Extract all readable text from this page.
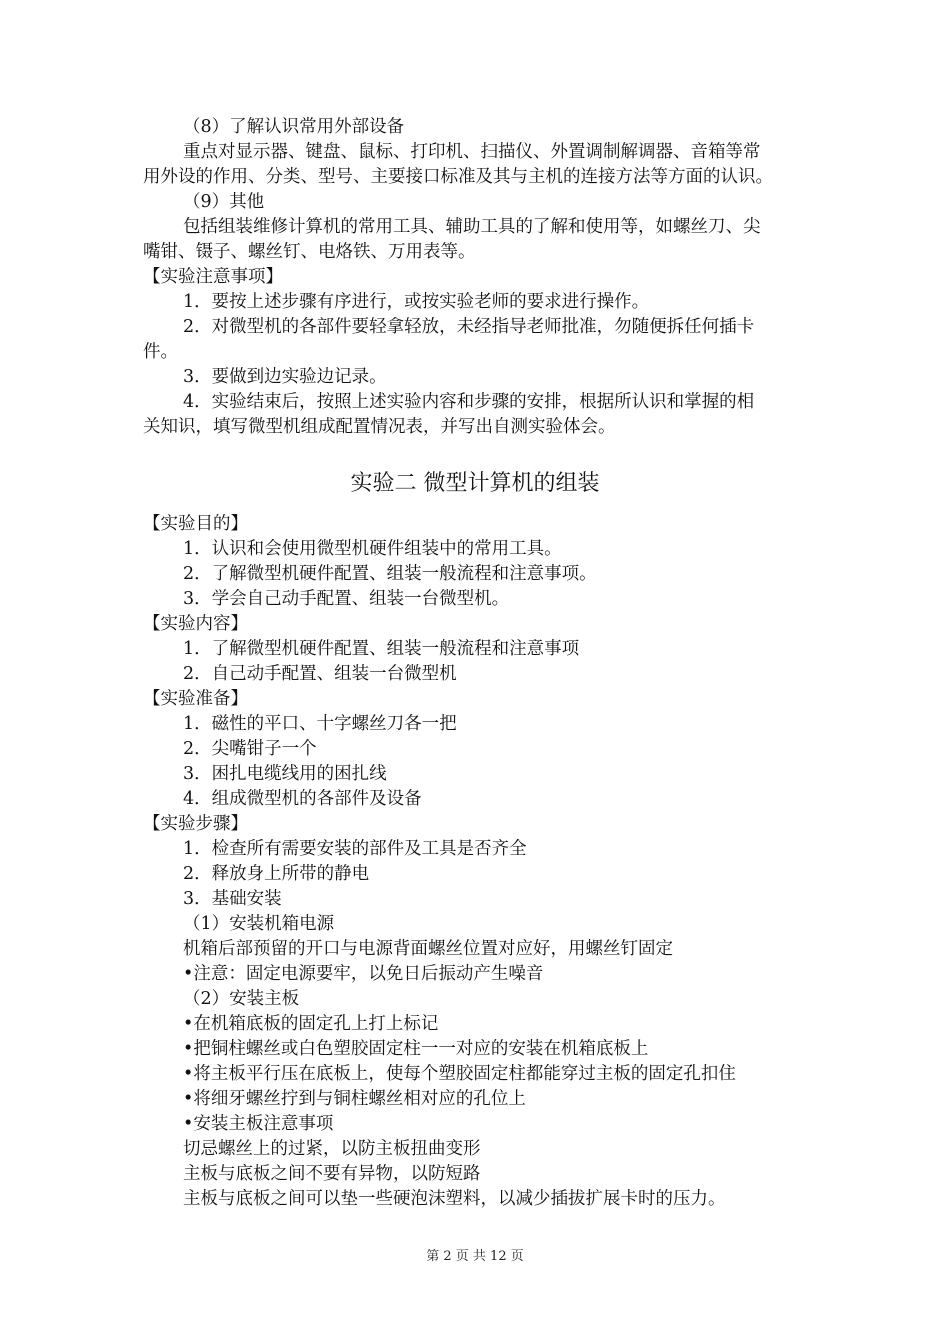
（8）了解认识常用外部设备

重点对显示器、键盘、鼠标、打印机、扫描仪、外置调制解调器、音箱等常

用外设的作用、分类、型号、主要接口标准及其与主机的连接方法等方面的认识。

（9）其他

包括组装维修计算机的常用工具、辅助工具的了解和使用等，如螺丝刀、尖

嘴钳、镊子、螺丝钉、电烙铁、万用表等。

【实验注意事项】

1．要按上述步骤有序进行，或按实验老师的要求进行操作。

2．对微型机的各部件要轻拿轻放，未经指导老师批准，勿随便拆任何插卡

件。

3．要做到边实验边记录。

4．实验结束后，按照上述实验内容和步骤的安排，根据所认识和掌握的相

关知识，填写微型机组成配置情况表，并写出自测实验体会。

实验二 微型计算机的组装

【实验目的】

1．认识和会使用微型机硬件组装中的常用工具。

2．了解微型机硬件配置、组装一般流程和注意事项。

3．学会自己动手配置、组装一台微型机。

【实验内容】

1．了解微型机硬件配置、组装一般流程和注意事项

2．自己动手配置、组装一台微型机

【实验准备】

1．磁性的平口、十字螺丝刀各一把

2．尖嘴钳子一个

3．困扎电缆线用的困扎线

4．组成微型机的各部件及设备

【实验步骤】

1．检查所有需要安装的部件及工具是否齐全

2．释放身上所带的静电

3．基础安装

（1）安装机箱电源

机箱后部预留的开口与电源背面螺丝位置对应好，用螺丝钉固定

•注意：固定电源要牢，以免日后振动产生噪音

（2）安装主板

•在机箱底板的固定孔上打上标记

•把铜柱螺丝或白色塑胶固定柱一一对应的安装在机箱底板上

•将主板平行压在底板上，使每个塑胶固定柱都能穿过主板的固定孔扣住

•将细牙螺丝拧到与铜柱螺丝相对应的孔位上

•安装主板注意事项

切忌螺丝上的过紧，以防主板扭曲变形

主板与底板之间不要有异物，以防短路

主板与底板之间可以垫一些硬泡沫塑料，以减少插拔扩展卡时的压力。

第 2 页 共 12 页
